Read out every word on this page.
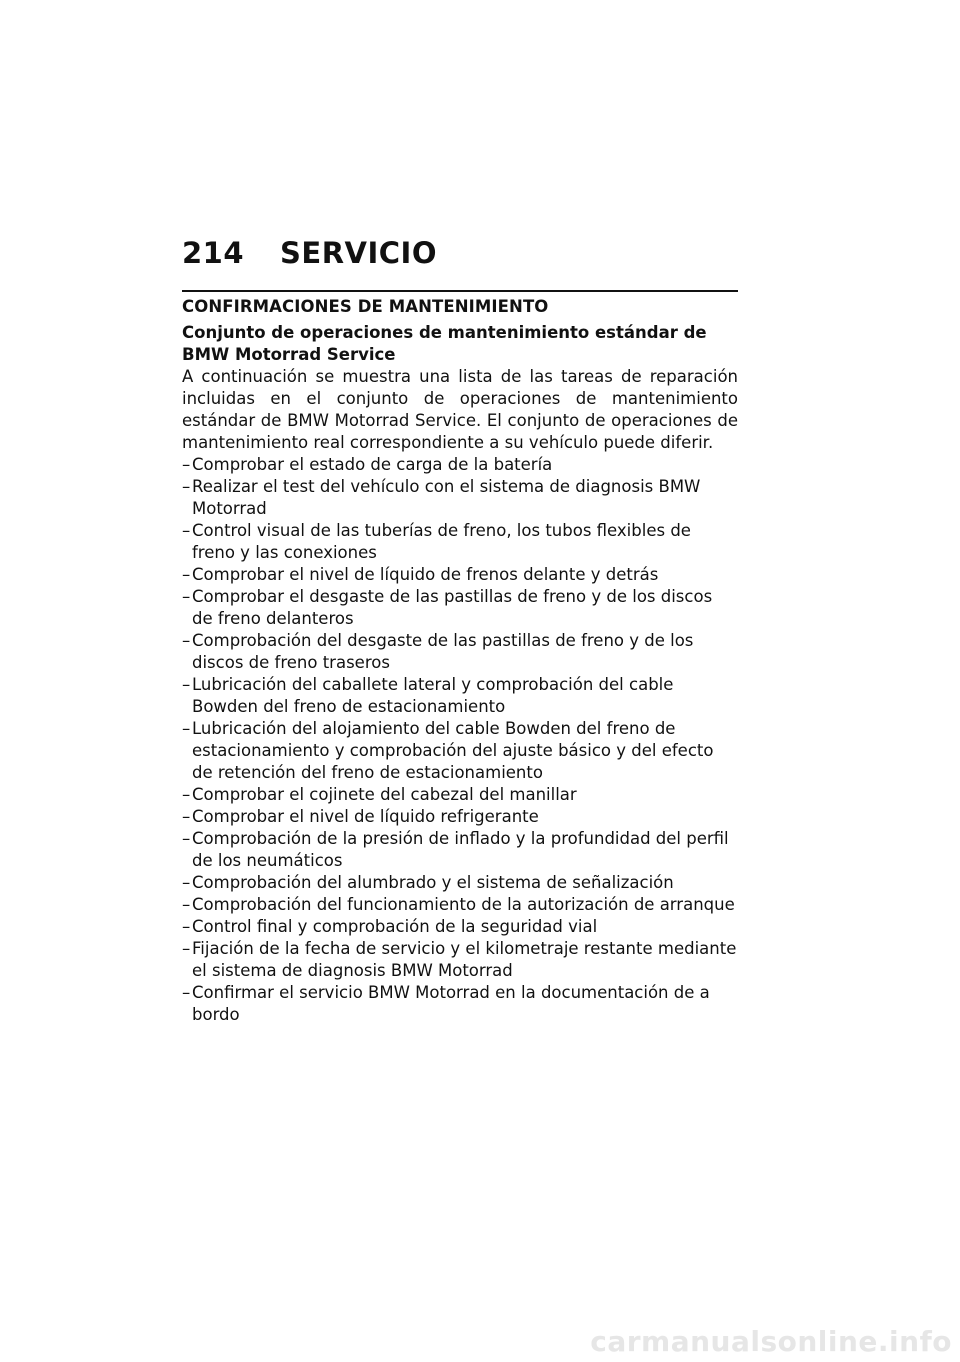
214	SERVICIO
CONFIRMACIONES DE MANTENIMIENTO
Conjunto de operaciones de mantenimiento estándar de BMW Motorrad Service
A continuación se muestra una lista de las tareas de reparación incluidas en el conjunto de operaciones de mantenimiento estándar de BMW Motorrad Service. El conjunto de operaciones de mantenimiento real correspondiente a su vehículo puede diferir.
– Comprobar el estado de carga de la batería
– Realizar el test del vehículo con el sistema de diagnosis BMW Motorrad
– Control visual de las tuberías de freno, los tubos flexibles de freno y las conexiones
– Comprobar el nivel de líquido de frenos delante y detrás
– Comprobar el desgaste de las pastillas de freno y de los discos de freno delanteros
– Comprobación del desgaste de las pastillas de freno y de los discos de freno traseros
– Lubricación del caballete lateral y comprobación del cable Bowden del freno de estacionamiento
– Lubricación del alojamiento del cable Bowden del freno de estacionamiento y comprobación del ajuste básico y del efecto de retención del freno de estacionamiento
– Comprobar el cojinete del cabezal del manillar
– Comprobar el nivel de líquido refrigerante
– Comprobación de la presión de inflado y la profundidad del perfil de los neumáticos
– Comprobación del alumbrado y el sistema de señalización
– Comprobación del funcionamiento de la autorización de arranque
– Control final y comprobación de la seguridad vial
– Fijación de la fecha de servicio y el kilometraje restante mediante el sistema de diagnosis BMW Motorrad
– Confirmar el servicio BMW Motorrad en la documentación de a bordo
carmanualsonline.info
